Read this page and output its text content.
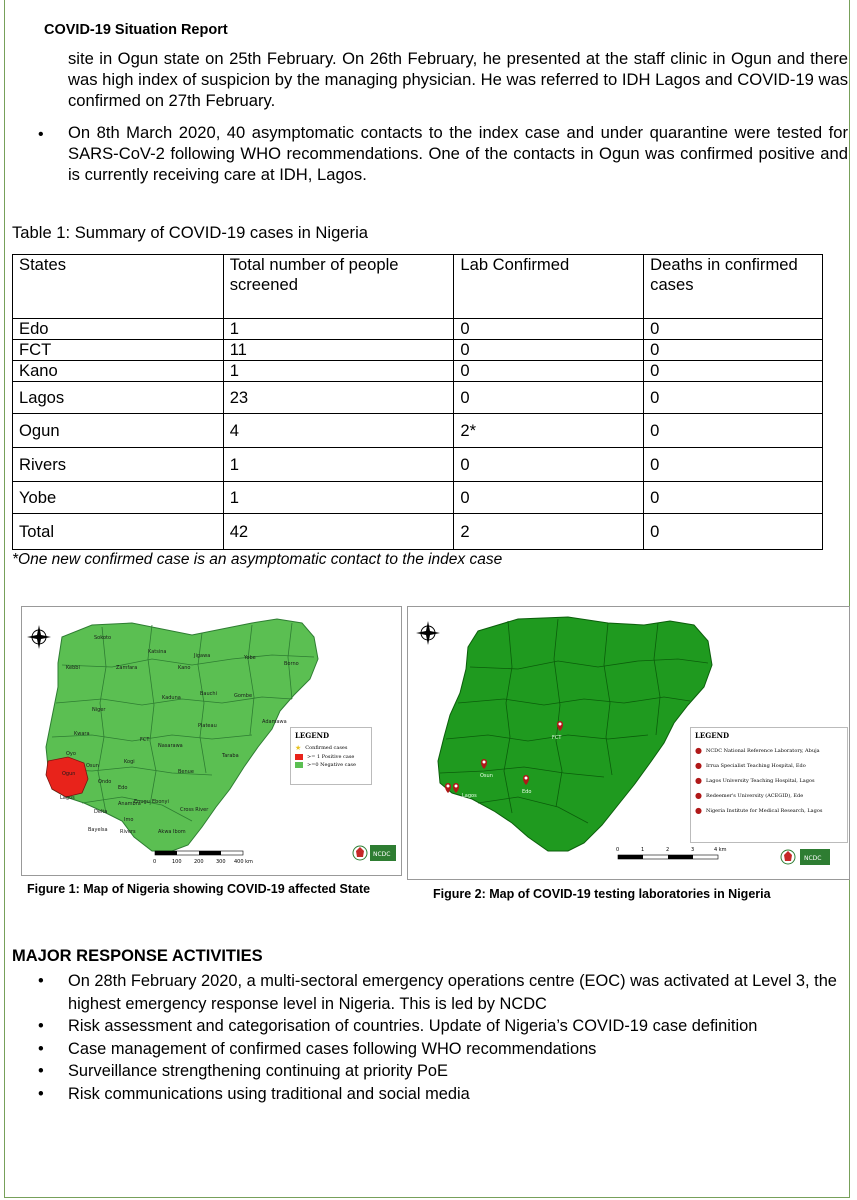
COVID-19 Situation Report
site in Ogun state on 25th February. On 26th February, he presented at the staff clinic in Ogun and there was high index of suspicion by the managing physician. He was referred to IDH Lagos and COVID-19 was confirmed on 27th February.
• On 8th March 2020, 40 asymptomatic contacts to the index case and under quarantine were tested for SARS-CoV-2 following WHO recommendations. One of the contacts in Ogun was confirmed positive and is currently receiving care at IDH, Lagos.
Table 1: Summary of COVID-19 cases in Nigeria
States	Total number of people screened	Lab Confirmed	Deaths in confirmed cases
Edo	1	0	0
FCT	11	0	0
Kano	1	0	0
Lagos	23	0	0
Ogun	4	2*	0
Rivers	1	0	0
Yobe	1	0	0
Total	42	2	0
*One new confirmed case is an asymptomatic contact to the index case
Sokoto
Katsina
Jigawa	Yobe
Borno
Kebbi	Zamfara	Kano
Niger
Kaduna
Bauchi	Gombe
Kwara
FCT
Nasarawa
Plateau
Adamawa
Oyo
Kogi
Benue
Taraba
Ogun
Lagos
Osun
Ondo
Edo
Enugu Ebonyi
Anambra
Cross River
Delta
Imo
Bayelsa Rivers	Akwa Ibom
0	100 200 300 400 km
NCDC
LEGEND
★ Confirmed cases
>= 1 Positive case
>=0 Negative case
Figure 1: Map of Nigeria showing COVID-19 affected State
FCT
Osun
Edo
Lagos
0	1	2	3	4 km
NCDC
LEGEND
● NCDC National Reference Laboratory, Abuja
● Irrua Specialist Teaching Hospital, Edo
● Lagos University Teaching Hospital, Lagos
● Redeemer's University (ACEGID), Ede
● Nigeria Institute for Medical Research, Lagos
Figure 2: Map of COVID-19 testing laboratories in Nigeria
MAJOR RESPONSE ACTIVITIES
•	On 28th February 2020, a multi-sectoral emergency operations centre (EOC) was activated at Level 3, the highest emergency response level in Nigeria. This is led by NCDC
•	Risk assessment and categorisation of countries. Update of Nigeria’s COVID-19 case definition
•	Case management of confirmed cases following WHO recommendations
•	Surveillance strengthening continuing at priority PoE
•	Risk communications using traditional and social media
